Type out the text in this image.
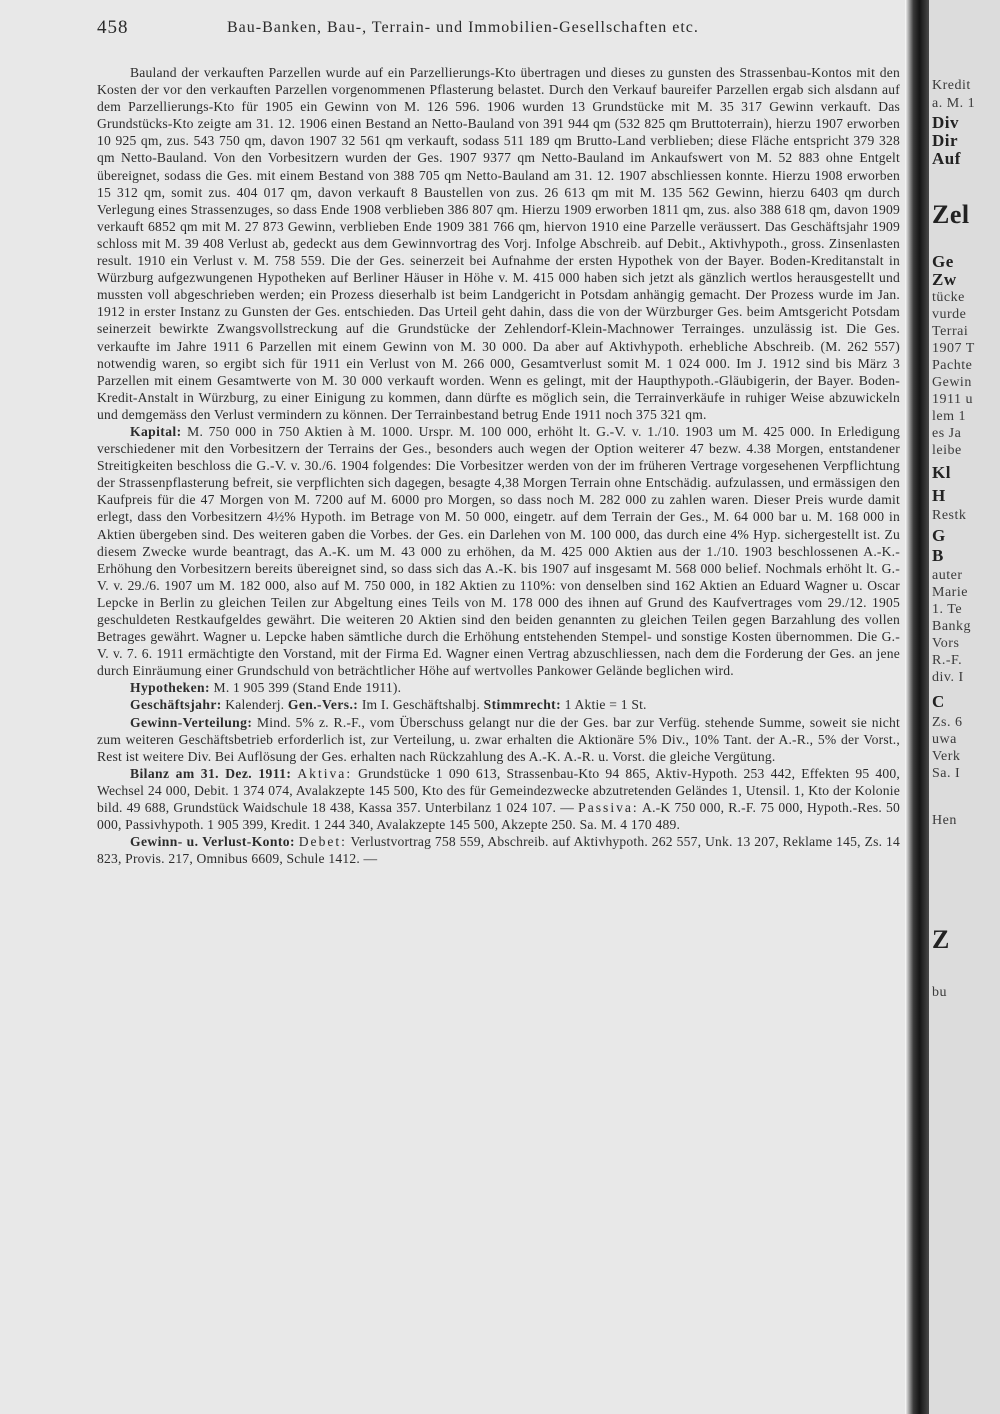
458	Bau-Banken, Bau-, Terrain- und Immobilien-Gesellschaften etc.

Bauland der verkauften Parzellen wurde auf ein Parzellierungs-Kto übertragen und dieses zu gunsten des Strassenbau-Kontos mit den Kosten der vor den verkauften Parzellen vorgenommenen Pflasterung belastet. Durch den Verkauf baureifer Parzellen ergab sich alsdann auf dem Parzellierungs-Kto für 1905 ein Gewinn von M. 126 596. 1906 wurden 13 Grundstücke mit M. 35 317 Gewinn verkauft. Das Grundstücks-Kto zeigte am 31. 12. 1906 einen Bestand an Netto-Bauland von 391 944 qm (532 825 qm Bruttoterrain), hierzu 1907 erworben 10 925 qm, zus. 543 750 qm, davon 1907 32 561 qm verkauft, sodass 511 189 qm Brutto-Land verblieben; diese Fläche entspricht 379 328 qm Netto-Bauland. Von den Vorbesitzern wurden der Ges. 1907 9377 qm Netto-Bauland im Ankaufswert von M. 52 883 ohne Entgelt übereignet, sodass die Ges. mit einem Bestand von 388 705 qm Netto-Bauland am 31. 12. 1907 abschliessen konnte. Hierzu 1908 erworben 15 312 qm, somit zus. 404 017 qm, davon verkauft 8 Baustellen von zus. 26 613 qm mit M. 135 562 Gewinn, hierzu 6403 qm durch Verlegung eines Strassenzuges, so dass Ende 1908 verblieben 386 807 qm. Hierzu 1909 erworben 1811 qm, zus. also 388 618 qm, davon 1909 verkauft 6852 qm mit M. 27 873 Gewinn, verblieben Ende 1909 381 766 qm, hiervon 1910 eine Parzelle veräussert. Das Geschäftsjahr 1909 schloss mit M. 39 408 Verlust ab, gedeckt aus dem Gewinnvortrag des Vorj. Infolge Abschreib. auf Debit., Aktivhypoth., gross. Zinsenlasten result. 1910 ein Verlust v. M. 758 559. Die der Ges. seinerzeit bei Aufnahme der ersten Hypothek von der Bayer. Boden-Kreditanstalt in Würzburg aufgezwungenen Hypotheken auf Berliner Häuser in Höhe v. M. 415 000 haben sich jetzt als gänzlich wertlos herausgestellt und mussten voll abgeschrieben werden; ein Prozess dieserhalb ist beim Landgericht in Potsdam anhängig gemacht. Der Prozess wurde im Jan. 1912 in erster Instanz zu Gunsten der Ges. entschieden. Das Urteil geht dahin, dass die von der Würzburger Ges. beim Amtsgericht Potsdam seinerzeit bewirkte Zwangsvollstreckung auf die Grundstücke der Zehlendorf-Klein-Machnower Terrainges. unzulässig ist. Die Ges. verkaufte im Jahre 1911 6 Parzellen mit einem Gewinn von M. 30 000. Da aber auf Aktivhypoth. erhebliche Abschreib. (M. 262 557) notwendig waren, so ergibt sich für 1911 ein Verlust von M. 266 000, Gesamtverlust somit M. 1 024 000. Im J. 1912 sind bis März 3 Parzellen mit einem Gesamtwerte von M. 30 000 verkauft worden. Wenn es gelingt, mit der Haupthypoth.-Gläubigerin, der Bayer. Boden-Kredit-Anstalt in Würzburg, zu einer Einigung zu kommen, dann dürfte es möglich sein, die Terrainverkäufe in ruhiger Weise abzuwickeln und demgemäss den Verlust vermindern zu können. Der Terrainbestand betrug Ende 1911 noch 375 321 qm.

Kapital: M. 750 000 in 750 Aktien à M. 1000. Urspr. M. 100 000, erhöht lt. G.-V. v. 1./10. 1903 um M. 425 000. In Erledigung verschiedener mit den Vorbesitzern der Terrains der Ges., besonders auch wegen der Option weiterer 47 bezw. 4.38 Morgen, entstandener Streitigkeiten beschloss die G.-V. v. 30./6. 1904 folgendes: Die Vorbesitzer werden von der im früheren Vertrage vorgesehenen Verpflichtung der Strassenpflasterung befreit, sie verpflichten sich dagegen, besagte 4,38 Morgen Terrain ohne Entschädig. aufzulassen, und ermässigen den Kaufpreis für die 47 Morgen von M. 7200 auf M. 6000 pro Morgen, so dass noch M. 282 000 zu zahlen waren. Dieser Preis wurde damit erlegt, dass den Vorbesitzern 4½% Hypoth. im Betrage von M. 50 000, eingetr. auf dem Terrain der Ges., M. 64 000 bar u. M. 168 000 in Aktien übergeben sind. Des weiteren gaben die Vorbes. der Ges. ein Darlehen von M. 100 000, das durch eine 4% Hyp. sichergestellt ist. Zu diesem Zwecke wurde beantragt, das A.-K. um M. 43 000 zu erhöhen, da M. 425 000 Aktien aus der 1./10. 1903 beschlossenen A.-K.-Erhöhung den Vorbesitzern bereits übereignet sind, so dass sich das A.-K. bis 1907 auf insgesamt M. 568 000 belief. Nochmals erhöht lt. G.-V. v. 29./6. 1907 um M. 182 000, also auf M. 750 000, in 182 Aktien zu 110%: von denselben sind 162 Aktien an Eduard Wagner u. Oscar Lepcke in Berlin zu gleichen Teilen zur Abgeltung eines Teils von M. 178 000 des ihnen auf Grund des Kaufvertrages vom 29./12. 1905 geschuldeten Restkaufgeldes gewährt. Die weiteren 20 Aktien sind den beiden genannten zu gleichen Teilen gegen Barzahlung des vollen Betrages gewährt. Wagner u. Lepcke haben sämtliche durch die Erhöhung entstehenden Stempel- und sonstige Kosten übernommen. Die G.-V. v. 7. 6. 1911 ermächtigte den Vorstand, mit der Firma Ed. Wagner einen Vertrag abzuschliessen, nach dem die Forderung der Ges. an jene durch Einräumung einer Grundschuld von beträchtlicher Höhe auf wertvolles Pankower Gelände beglichen wird.

Hypotheken: M. 1 905 399 (Stand Ende 1911).

Geschäftsjahr: Kalenderj. Gen.-Vers.: Im I. Geschäftshalbj. Stimmrecht: 1 Aktie = 1 St.

Gewinn-Verteilung: Mind. 5% z. R.-F., vom Überschuss gelangt nur die der Ges. bar zur Verfüg. stehende Summe, soweit sie nicht zum weiteren Geschäftsbetrieb erforderlich ist, zur Verteilung, u. zwar erhalten die Aktionäre 5% Div., 10% Tant. der A.-R., 5% der Vorst., Rest ist weitere Div. Bei Auflösung der Ges. erhalten nach Rückzahlung des A.-K. A.-R. u. Vorst. die gleiche Vergütung.

Bilanz am 31. Dez. 1911: Aktiva: Grundstücke 1 090 613, Strassenbau-Kto 94 865, Aktiv-Hypoth. 253 442, Effekten 95 400, Wechsel 24 000, Debit. 1 374 074, Avalakzepte 145 500, Kto des für Gemeindezwecke abzutretenden Geländes 1, Utensil. 1, Kto der Kolonie bild. 49 688, Grundstück Waidschule 18 438, Kassa 357. Unterbilanz 1 024 107. — Passiva: A.-K 750 000, R.-F. 75 000, Hypoth.-Res. 50 000, Passivhypoth. 1 905 399, Kredit. 1 244 340, Avalakzepte 145 500, Akzepte 250. Sa. M. 4 170 489.

Gewinn- u. Verlust-Konto: Debet: Verlustvortrag 758 559, Abschreib. auf Aktivhypoth. 262 557, Unk. 13 207, Reklame 145, Zs. 14 823, Provis. 217, Omnibus 6609, Schule 1412. —

Kredit
a. M. 1
Div
Dir
Auf
Zel
Ge
Zw
tücke
vurde
Terrai
1907 T
Pachte
Gewin
1911 u
lem 1
es Ja
leibe
Kl
H
Restk
G
B
auter
Marie
1. Te
Bankg
Vors
R.-F.
div. I
C
Zs. 6
uwa
Verk
Sa. I
Hen
Z
bu
